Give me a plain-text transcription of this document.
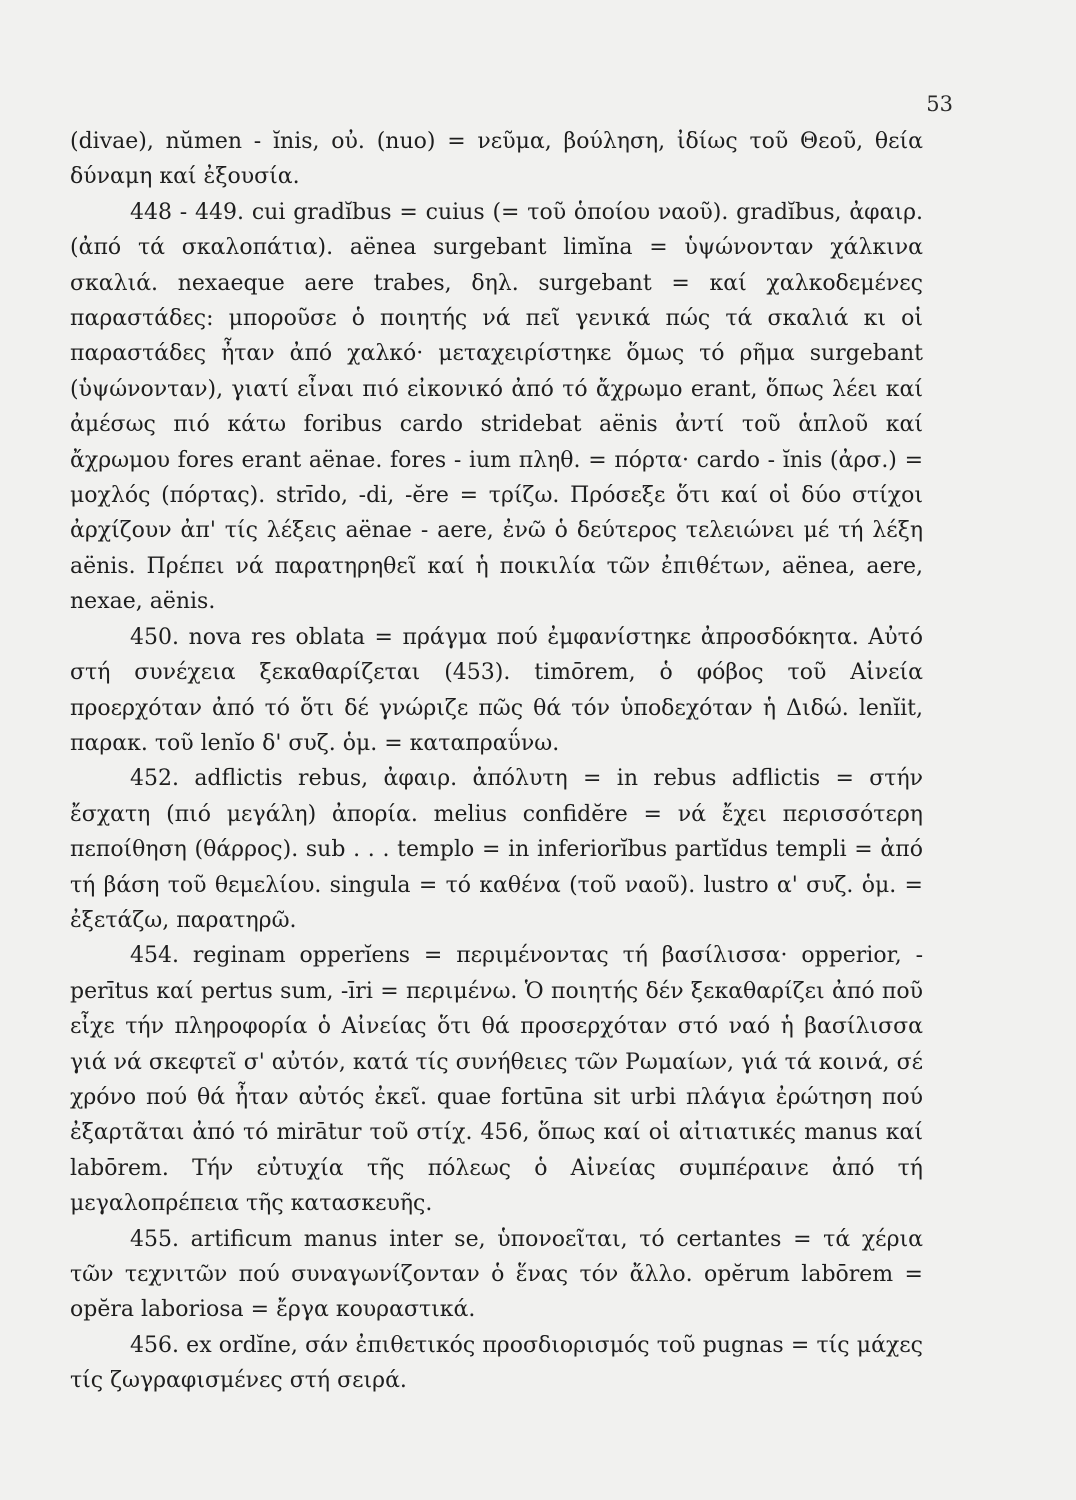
53

(divae), nŭmen - ĭnis, οὐ. (nuo) = νεῦμα, βούληση, ἰδίως τοῦ Θεοῦ, θεία δύναμη καί ἐξουσία.

448 - 449. cui gradĭbus = cuius (= τοῦ ὁποίου ναοῦ). gradĭbus, ἀφαιρ. (ἀπό τά σκαλοπάτια). aënea surgebant limĭna = ὑψώνονταν χάλκινα σκαλιά. nexaeque aere trabes, δηλ. surgebant = καί χαλκοδεμένες παραστάδες: μποροῦσε ὁ ποιητής νά πεῖ γενικά πώς τά σκαλιά κι οἱ παραστάδες ἦταν ἀπό χαλκό· μεταχειρίστηκε ὅμως τό ρῆμα surgebant (ὑψώνονταν), γιατί εἶναι πιό εἰκονικό ἀπό τό ἄχρωμο erant, ὅπως λέει καί ἀμέσως πιό κάτω foribus cardo stridebat aënis ἀντί τοῦ ἁπλοῦ καί ἄχρωμου fores erant aënae. fores - ium πληθ. = πόρτα· cardo - ĭnis (ἀρσ.) = μοχλός (πόρτας). strīdo, -di, -ĕre = τρίζω. Πρόσεξε ὅτι καί οἱ δύο στίχοι ἀρχίζουν ἀπ' τίς λέξεις aënae - aere, ἐνῶ ὁ δεύτερος τελειώνει μέ τή λέξη aënis. Πρέπει νά παρατηρηθεῖ καί ἡ ποικιλία τῶν ἐπιθέτων, aënea, aere, nexae, aënis.

450. nova res oblata = πράγμα πού ἐμφανίστηκε ἀπροσδόκητα. Αὐτό στή συνέχεια ξεκαθαρίζεται (453). timōrem, ὁ φόβος τοῦ Αἰνεία προερχόταν ἀπό τό ὅτι δέ γνώριζε πῶς θά τόν ὑποδεχόταν ἡ Διδώ. lenĭit, παρακ. τοῦ lenĭo δ' συζ. ὁμ. = καταπραΰνω.

452. adflictis rebus, ἀφαιρ. ἀπόλυτη = in rebus adflictis = στήν ἔσχατη (πιό μεγάλη) ἀπορία. melius confidĕre = νά ἔχει περισσότερη πεποίθηση (θάρρος). sub . . . templo = in inferiorĭbus partĭdus templi = ἀπό τή βάση τοῦ θεμελίου. singula = τό καθένα (τοῦ ναοῦ). lustro α' συζ. ὁμ. = ἐξετάζω, παρατηρῶ.

454. reginam opperĭens = περιμένοντας τή βασίλισσα· opperior, -perītus καί pertus sum, -īri = περιμένω. Ὁ ποιητής δέν ξεκαθαρίζει ἀπό ποῦ εἶχε τήν πληροφορία ὁ Αἰνείας ὅτι θά προσερχόταν στό ναό ἡ βασίλισσα γιά νά σκεφτεῖ σ' αὐτόν, κατά τίς συνήθειες τῶν Ρωμαίων, γιά τά κοινά, σέ χρόνο πού θά ἦταν αὐτός ἐκεῖ. quae fortūna sit urbi πλάγια ἐρώτηση πού ἐξαρτᾶται ἀπό τό mirātur τοῦ στίχ. 456, ὅπως καί οἱ αἰτιατικές manus καί labōrem. Τήν εὐτυχία τῆς πόλεως ὁ Αἰνείας συμπέραινε ἀπό τή μεγαλοπρέπεια τῆς κατασκευῆς.

455. artificum manus inter se, ὑπονοεῖται, τό certantes = τά χέρια τῶν τεχνιτῶν πού συναγωνίζονταν ὁ ἕνας τόν ἄλλο. opĕrum labōrem = opĕra laboriosa = ἔργα κουραστικά.

456. ex ordĭne, σάν ἐπιθετικός προσδιορισμός τοῦ pugnas = τίς μάχες τίς ζωγραφισμένες στή σειρά.
